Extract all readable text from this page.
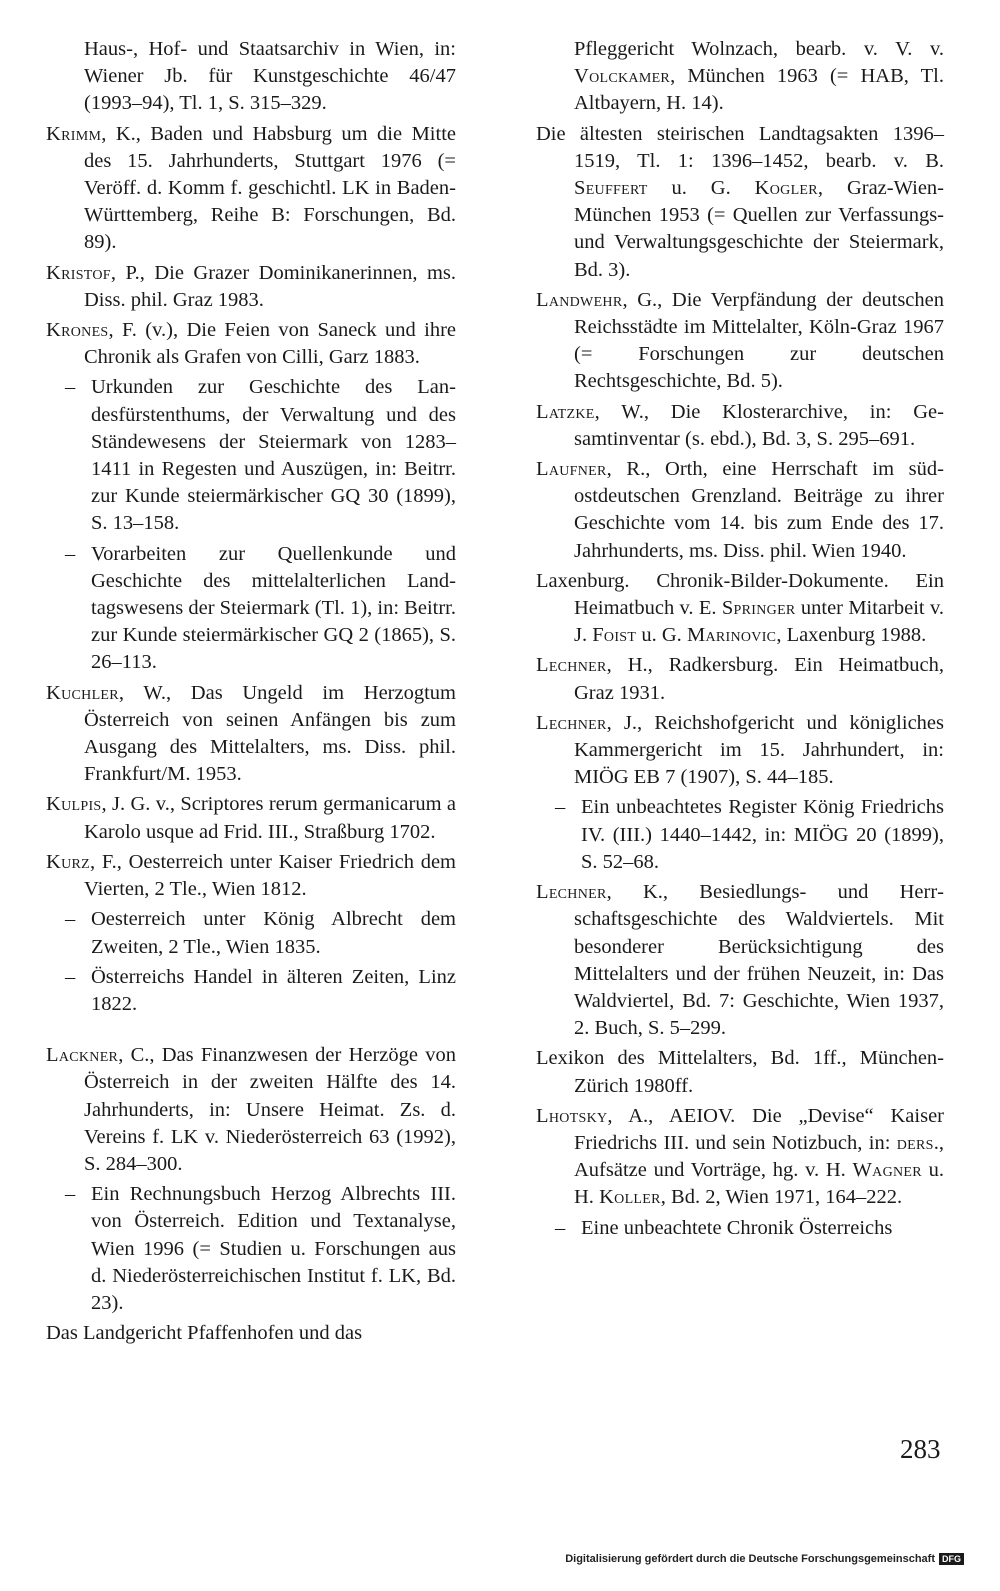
Haus-, Hof- und Staatsarchiv in Wien, in: Wiener Jb. für Kunstgeschichte 46/47 (1993–94), Tl. 1, S. 315–329.

Krimm, K., Baden und Habsburg um die Mitte des 15. Jahrhunderts, Stuttgart 1976 (= Veröff. d. Komm f. geschichtl. LK in Baden-Württemberg, Reihe B: Forschungen, Bd. 89).

Kristof, P., Die Grazer Dominikanerinnen, ms. Diss. phil. Graz 1983.

Krones, F. (v.), Die Feien von Saneck und ihre Chronik als Grafen von Cilli, Garz 1883.

– Urkunden zur Geschichte des Landesfürstenthums, der Verwaltung und des Ständewesens der Steiermark von 1283–1411 in Regesten und Auszügen, in: Beitrr. zur Kunde steiermärkischer GQ 30 (1899), S. 13–158.

– Vorarbeiten zur Quellenkunde und Geschichte des mittelalterlichen Landtagswesens der Steiermark (Tl. 1), in: Beitrr. zur Kunde steiermärkischer GQ 2 (1865), S. 26–113.

Kuchler, W., Das Ungeld im Herzogtum Österreich von seinen Anfängen bis zum Ausgang des Mittelalters, ms. Diss. phil. Frankfurt/M. 1953.

Kulpis, J. G. v., Scriptores rerum germanicarum a Karolo usque ad Frid. III., Straßburg 1702.

Kurz, F., Oesterreich unter Kaiser Friedrich dem Vierten, 2 Tle., Wien 1812.

– Oesterreich unter König Albrecht dem Zweiten, 2 Tle., Wien 1835.

– Österreichs Handel in älteren Zeiten, Linz 1822.

Lackner, C., Das Finanzwesen der Herzöge von Österreich in der zweiten Hälfte des 14. Jahrhunderts, in: Unsere Heimat. Zs. d. Vereins f. LK v. Niederösterreich 63 (1992), S. 284–300.

– Ein Rechnungsbuch Herzog Albrechts III. von Österreich. Edition und Textanalyse, Wien 1996 (= Studien u. Forschungen aus d. Niederösterreichischen Institut f. LK, Bd. 23).

Das Landgericht Pfaffenhofen und das

Pfleggericht Wolnzach, bearb. v. V. v. Volckamer, München 1963 (= HAB, Tl. Altbayern, H. 14).

Die ältesten steirischen Landtagsakten 1396–1519, Tl. 1: 1396–1452, bearb. v. B. Seuffert u. G. Kogler, Graz-Wien-München 1953 (= Quellen zur Verfassungs- und Verwaltungsgeschichte der Steiermark, Bd. 3).

Landwehr, G., Die Verpfändung der deutschen Reichsstädte im Mittelalter, Köln-Graz 1967 (= Forschungen zur deutschen Rechtsgeschichte, Bd. 5).

Latzke, W., Die Klosterarchive, in: Gesamtinventar (s. ebd.), Bd. 3, S. 295–691.

Laufner, R., Orth, eine Herrschaft im südostdeutschen Grenzland. Beiträge zu ihrer Geschichte vom 14. bis zum Ende des 17. Jahrhunderts, ms. Diss. phil. Wien 1940.

Laxenburg. Chronik-Bilder-Dokumente. Ein Heimatbuch v. E. Springer unter Mitarbeit v. J. Foist u. G. Marinovic, Laxenburg 1988.

Lechner, H., Radkersburg. Ein Heimatbuch, Graz 1931.

Lechner, J., Reichshofgericht und königliches Kammergericht im 15. Jahrhundert, in: MIÖG EB 7 (1907), S. 44–185.

– Ein unbeachtetes Register König Friedrichs IV. (III.) 1440–1442, in: MIÖG 20 (1899), S. 52–68.

Lechner, K., Besiedlungs- und Herrschaftsgeschichte des Waldviertels. Mit besonderer Berücksichtigung des Mittelalters und der frühen Neuzeit, in: Das Waldviertel, Bd. 7: Geschichte, Wien 1937, 2. Buch, S. 5–299.

Lexikon des Mittelalters, Bd. 1ff., München-Zürich 1980ff.

Lhotsky, A., AEIOV. Die „Devise“ Kaiser Friedrichs III. und sein Notizbuch, in: ders., Aufsätze und Vorträge, hg. v. H. Wagner u. H. Koller, Bd. 2, Wien 1971, 164–222.

– Eine unbeachtete Chronik Österreichs

283
Digitalisierung gefördert durch die Deutsche Forschungsgemeinschaft DFG
